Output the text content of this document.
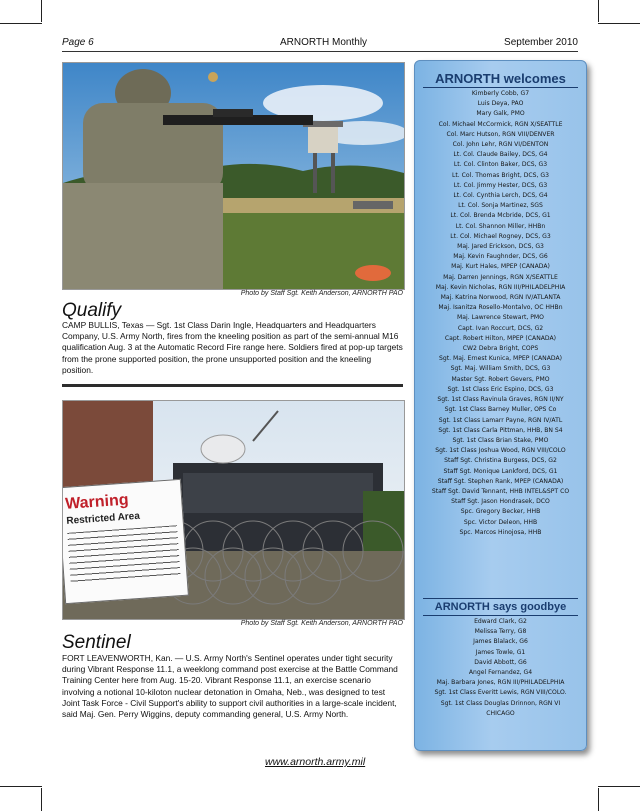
Page 6	ARNORTH Monthly	September 2010
Photo by Staff Sgt. Keith Anderson, ARNORTH PAO
Qualify

CAMP BULLIS, Texas — Sgt. 1st Class Darin Ingle, Headquarters and Headquarters Company, U.S. Army North, fires from the kneeling position as part of the semi-annual M16 qualification Aug. 3 at the Automatic Record Fire range here. Soldiers fired at pop-up targets from the prone supported position, the prone unsupported position and the kneeling position.

Warning
Restricted Area
Photo by Staff Sgt. Keith Anderson, ARNORTH PAO
Sentinel

FORT LEAVENWORTH, Kan. — U.S. Army North's Sentinel operates under tight security during Vibrant Response 11.1, a weeklong command post exercise at the Battle Command Training Center here from Aug. 15-20. Vibrant Response 11.1, an exercise scenario involving a notional 10-kiloton nuclear detonation in Omaha, Neb., was designed to test Joint Task Force - Civil Support's ability to support civil authorities in a large-scale incident, said Maj. Gen. Perry Wiggins, deputy commanding general, U.S. Army North.

ARNORTH welcomes
Kimberly Cobb, G7
Luis Deya, PAO
Mary Galk, PMO
Col. Michael McCormick, RGN X/SEATTLE
Col. Marc Hutson, RGN VIII/DENVER
Col. John Lehr, RGN VI/DENTON
Lt. Col. Claude Bailey, DCS, G4
Lt. Col. Clinton Baker, DCS, G3
Lt. Col. Thomas Bright, DCS, G3
Lt. Col. Jimmy Hester, DCS, G3
Lt. Col. Cynthia Lerch, DCS, G4
Lt. Col. Sonja Martinez, SGS
Lt. Col. Brenda Mcbride, DCS, G1
Lt. Col. Shannon Miller, HHBn
Lt. Col. Michael Rogney, DCS, G3
Maj. Jared Erickson, DCS, G3
Maj. Kevin Faughnder, DCS, G6
Maj. Kurt Hales, MPEP (CANADA)
Maj. Darren Jennings, RGN X/SEATTLE
Maj. Kevin Nicholas, RGN III/PHILADELPHIA
Maj. Katrina Norwood, RGN IV/ATLANTA
Maj. Isanitza Rosello-Montalvo, OC HHBn
Maj. Lawrence Stewart, PMO
Capt. Ivan Roccurt, DCS, G2
Capt. Robert Hilton, MPEP (CANADA)
CW2 Debra Bright, COPS
Sgt. Maj. Ernest Kunica, MPEP (CANADA)
Sgt. Maj. William Smith, DCS, G3
Master Sgt. Robert Gevers, PMO
Sgt. 1st Class Eric Espino, DCS, G3
Sgt. 1st Class Ravinula Graves, RGN II/NY
Sgt. 1st Class Barney Muller, OPS Co
Sgt. 1st Class Lamarr Payne, RGN IV/ATL
Sgt. 1st Class Carla Pittman, HHB, BN S4
Sgt. 1st Class Brian Stake, PMO
Sgt. 1st Class Joshua Wood, RGN VIII/COLO
Staff Sgt. Christina Burgess, DCS, G2
Staff Sgt. Monique Lankford, DCS, G1
Staff Sgt. Stephen Rank, MPEP (CANADA)
Staff Sgt. David Tennant, HHB INTEL&SPT CO
Staff Sgt. Jason Hondrasek, DCO
Spc. Gregory Becker, HHB
Spc. Victor Deleon, HHB
Spc. Marcos Hinojosa, HHB
ARNORTH says goodbye
Edward Clark, G2
Melissa Terry, G8
James Blalack, G6
James Towle, G1
David Abbott, G6
Angel Fernandez, G4
Maj. Barbara Jones, RGN III/PHILADELPHIA
Sgt. 1st Class Everitt Lewis, RGN VIII/COLO.
Sgt. 1st Class Douglas Drinnon, RGN VI
CHICAGO
www.arnorth.army.mil
